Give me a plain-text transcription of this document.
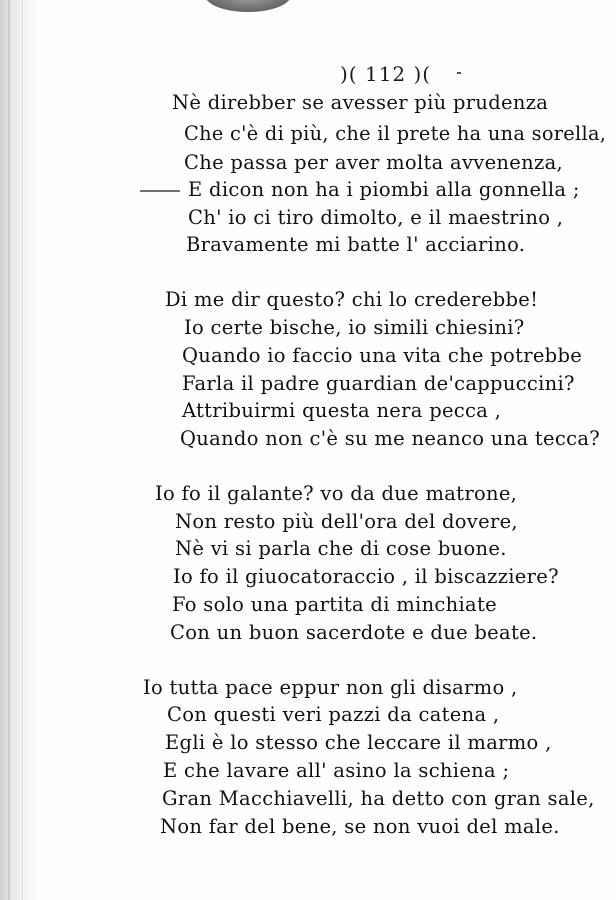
)( 112 )(
Nè direbber se avesser più prudenza
Che c'è di più, che il prete ha una sorella,
Che passa per aver molta avvenenza,
E dicon non ha i piombi alla gonnella ;
Ch' io ci tiro dimolto, e il maestrino ,
Bravamente mi batte l' acciarino.
Di me dir questo? chi lo crederebbe!
Io certe bische, io simili chiesini?
Quando io faccio una vita che potrebbe
Farla il padre guardian de'cappuccini?
Attribuirmi questa nera pecca ,
Quando non c'è su me neanco una tecca?
Io fo il galante? vo da due matrone,
Non resto più dell'ora del dovere,
Nè vi si parla che di cose buone.
Io fo il giuocatoraccio , il biscazziere?
Fo solo una partita di minchiate
Con un buon sacerdote e due beate.
Io tutta pace eppur non gli disarmo ,
Con questi veri pazzi da catena ,
Egli è lo stesso che leccare il marmo ,
E che lavare all' asino la schiena ;
Gran Macchiavelli, ha detto con gran sale,
Non far del bene, se non vuoi del male.
